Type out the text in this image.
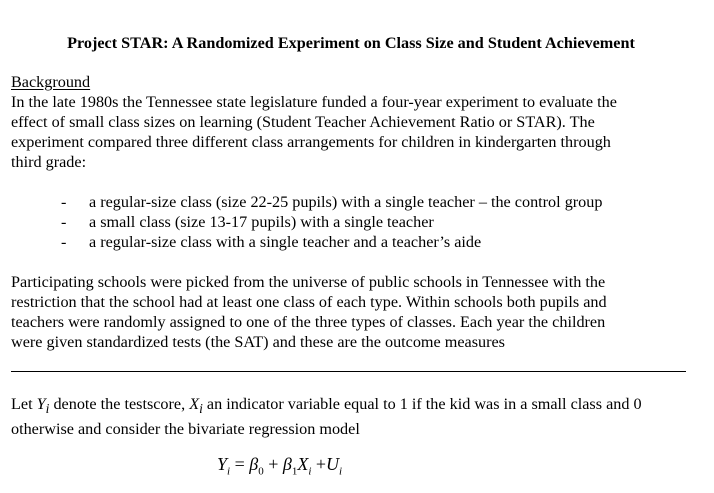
Project STAR: A Randomized Experiment on Class Size and Student Achievement
Background

In the late 1980s the Tennessee state legislature funded a four-year experiment to evaluate the

effect of small class sizes on learning (Student Teacher Achievement Ratio or STAR). The

experiment compared three different class arrangements for children in kindergarten through

third grade:

- a regular-size class (size 22-25 pupils) with a single teacher – the control group
- a small class (size 13-17 pupils) with a single teacher
- a regular-size class with a single teacher and a teacher’s aide

Participating schools were picked from the universe of public schools in Tennessee with the

restriction that the school had at least one class of each type. Within schools both pupils and

teachers were randomly assigned to one of the three types of classes. Each year the children

were given standardized tests (the SAT) and these are the outcome measures

Let $Y_i$ denote the testscore, $X_i$ an indicator variable equal to 1 if the kid was in a small class and 0

otherwise and consider the bivariate regression model

$Y_i = \beta_0 + \beta_1X_i +U_i$
